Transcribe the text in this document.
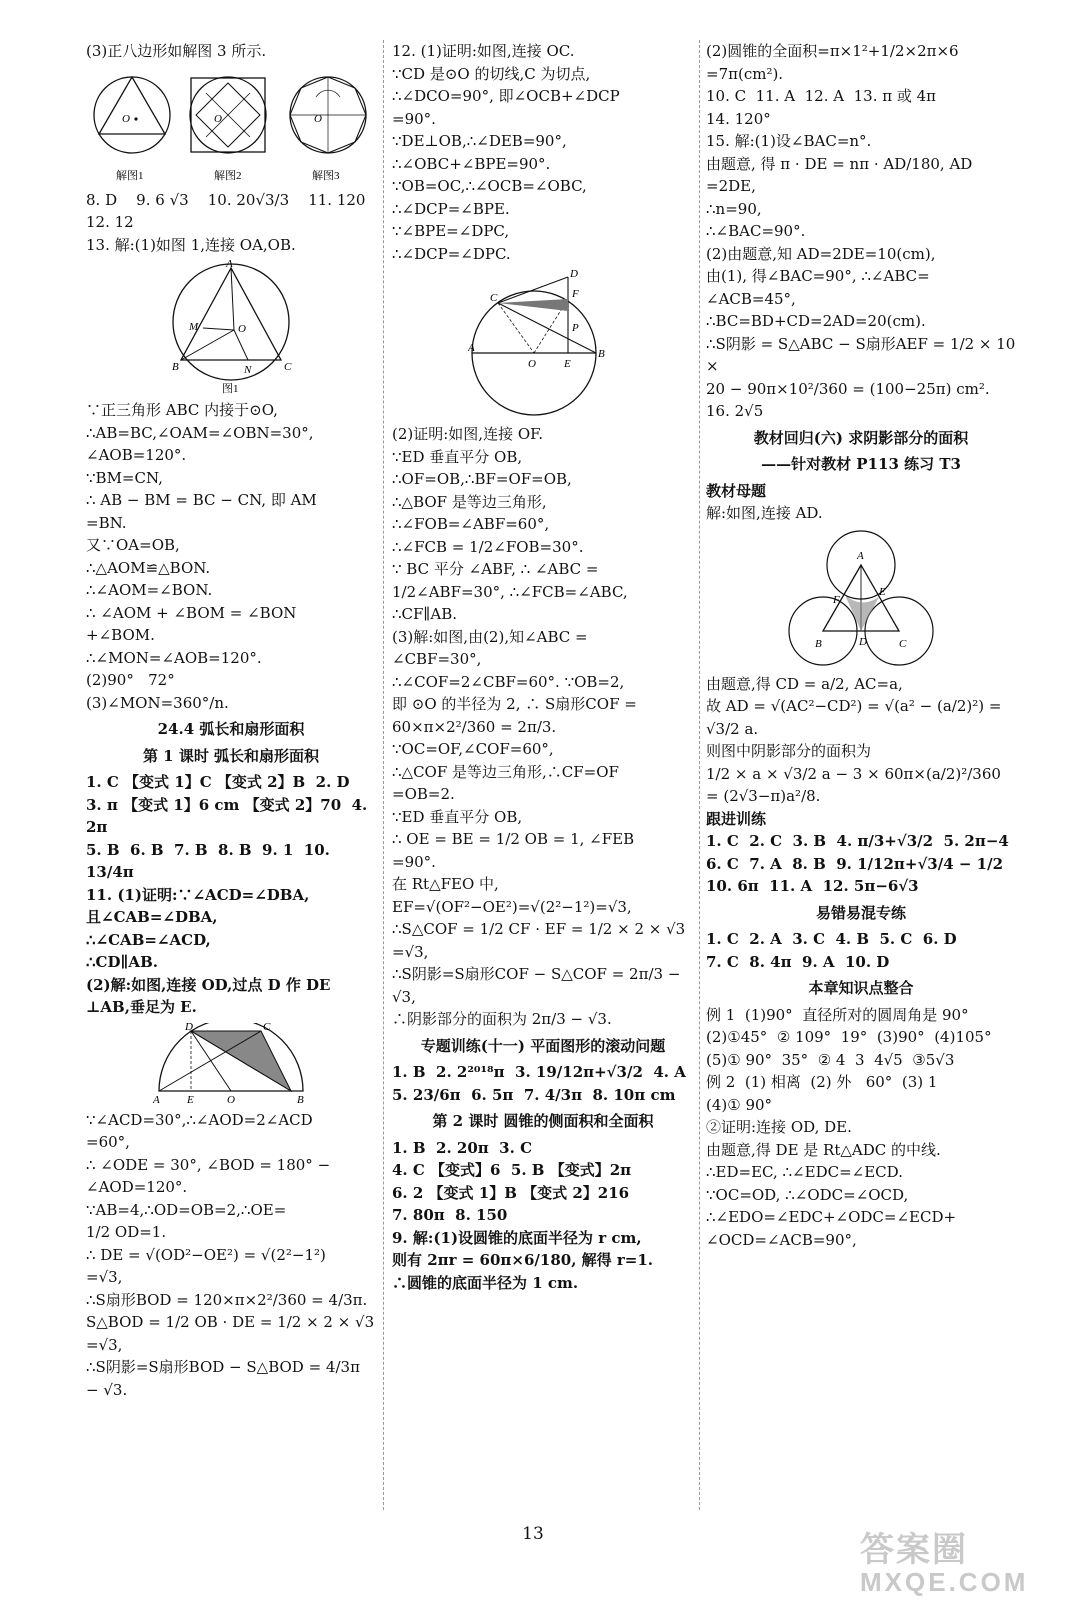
(3)正八边形如解图 3 所示.
O	O	O
解图1	解图2	解图3
8. D    9. 6 √3    10. 20√3/3    11. 120
12. 12
13. 解:(1)如图 1,连接 OA,OB.
A
B	C
M	O
N
图1
∵正三角形 ABC 内接于⊙O,
∴AB=BC,∠OAM=∠OBN=30°,
∠AOB=120°.
∵BM=CN,
∴ AB − BM = BC − CN, 即 AM
=BN.
又∵OA=OB,
∴△AOM≌△BON.
∴∠AOM=∠BON.
∴ ∠AOM + ∠BOM = ∠BON
+∠BOM.
∴∠MON=∠AOB=120°.
(2)90°   72°
(3)∠MON=360°/n.
24.4 弧长和扇形面积
第 1 课时 弧长和扇形面积
1. C 【变式 1】C 【变式 2】B  2. D
3. π 【变式 1】6 cm 【变式 2】70  4. 2π
5. B  6. B  7. B  8. B  9. 1  10. 13/4π
11. (1)证明:∵∠ACD=∠DBA,
且∠CAB=∠DBA,
∴∠CAB=∠ACD,
∴CD∥AB.
(2)解:如图,连接 OD,过点 D 作 DE
⊥AB,垂足为 E.
D	C
A E	O	B
∵∠ACD=30°,∴∠AOD=2∠ACD
=60°,
∴ ∠ODE = 30°, ∠BOD = 180° −
∠AOD=120°.
∵AB=4,∴OD=OB=2,∴OE=
1/2 OD=1.
∴ DE = √(OD²−OE²) = √(2²−1²)
=√3,
∴S扇形BOD = 120×π×2²/360 = 4/3π.
S△BOD = 1/2 OB · DE = 1/2 × 2 × √3
=√3,
∴S阴影=S扇形BOD − S△BOD = 4/3π − √3.
12. (1)证明:如图,连接 OC.
∵CD 是⊙O 的切线,C 为切点,
∴∠DCO=90°, 即∠OCB+∠DCP
=90°.
∵DE⊥OB,∴∠DEB=90°,
∴∠OBC+∠BPE=90°.
∵OB=OC,∴∠OCB=∠OBC,
∴∠DCP=∠BPE.
∵∠BPE=∠DPC,
∴∠DCP=∠DPC.
D
F
C
P
A
O	E
B
(2)证明:如图,连接 OF.
∵ED 垂直平分 OB,
∴OF=OB,∴BF=OF=OB,
∴△BOF 是等边三角形,
∴∠FOB=∠ABF=60°,
∴∠FCB = 1/2∠FOB=30°.
∵ BC 平分 ∠ABF, ∴ ∠ABC =
1/2∠ABF=30°, ∴∠FCB=∠ABC,
∴CF∥AB.
(3)解:如图,由(2),知∠ABC =
∠CBF=30°,
∴∠COF=2∠CBF=60°. ∵OB=2,
即 ⊙O 的半径为 2, ∴ S扇形COF =
60×π×2²/360 = 2π/3.
∵OC=OF,∠COF=60°,
∴△COF 是等边三角形,∴CF=OF
=OB=2.
∵ED 垂直平分 OB,
∴ OE = BE = 1/2 OB = 1, ∠FEB
=90°.
在 Rt△FEO 中,
EF=√(OF²−OE²)=√(2²−1²)=√3,
∴S△COF = 1/2 CF · EF = 1/2 × 2 × √3
=√3,
∴S阴影=S扇形COF − S△COF = 2π/3 − √3,
∴阴影部分的面积为 2π/3 − √3.
专题训练(十一) 平面图形的滚动问题
1. B  2. 2²⁰¹⁸π  3. 19/12π+√3/2  4. A
5. 23/6π  6. 5π  7. 4/3π  8. 10π cm
第 2 课时 圆锥的侧面积和全面积
1. B  2. 20π  3. C
4. C 【变式】6  5. B 【变式】2π
6. 2 【变式 1】B 【变式 2】216
7. 80π  8. 150
9. 解:(1)设圆锥的底面半径为 r cm,
则有 2πr = 60π×6/180, 解得 r=1.
∴圆锥的底面半径为 1 cm.
(2)圆锥的全面积=π×1²+1/2×2π×6
=7π(cm²).
10. C  11. A  12. A  13. π 或 4π
14. 120°
15. 解:(1)设∠BAC=n°.
由题意, 得 π · DE = nπ · AD/180, AD
=2DE,
∴n=90,
∴∠BAC=90°.
(2)由题意,知 AD=2DE=10(cm),
由(1), 得∠BAC=90°, ∴∠ABC=
∠ACB=45°,
∴BC=BD+CD=2AD=20(cm).
∴S阴影 = S△ABC − S扇形AEF = 1/2 × 10 ×
20 − 90π×10²/360 = (100−25π) cm².
16. 2√5
教材回归(六) 求阴影部分的面积
——针对教材 P113 练习 T3
教材母题
解:如图,连接 AD.
A
E
F
D
B	C
由题意,得 CD = a/2, AC=a,
故 AD = √(AC²−CD²) = √(a² − (a/2)²) =
√3/2 a.
则图中阴影部分的面积为
1/2 × a × √3/2 a − 3 × 60π×(a/2)²/360
= (2√3−π)a²/8.
跟进训练
1. C  2. C  3. B  4. π/3+√3/2  5. 2π−4
6. C  7. A  8. B  9. 1/12π+√3/4 − 1/2
10. 6π  11. A  12. 5π−6√3
易错易混专练
1. C  2. A  3. C  4. B  5. C  6. D
7. C  8. 4π  9. A  10. D
本章知识点整合
例 1  (1)90°  直径所对的圆周角是 90°
(2)①45°  ② 109°  19°  (3)90°  (4)105°
(5)① 90°  35°  ② 4  3  4√5  ③5√3
例 2  (1) 相离  (2) 外   60°  (3) 1
(4)① 90°
②证明:连接 OD, DE.
由题意,得 DE 是 Rt△ADC 的中线.
∴ED=EC, ∴∠EDC=∠ECD.
∵OC=OD, ∴∠ODC=∠OCD,
∴∠EDO=∠EDC+∠ODC=∠ECD+
∠OCD=∠ACB=90°,
13	答案圈
MXQE.COM
